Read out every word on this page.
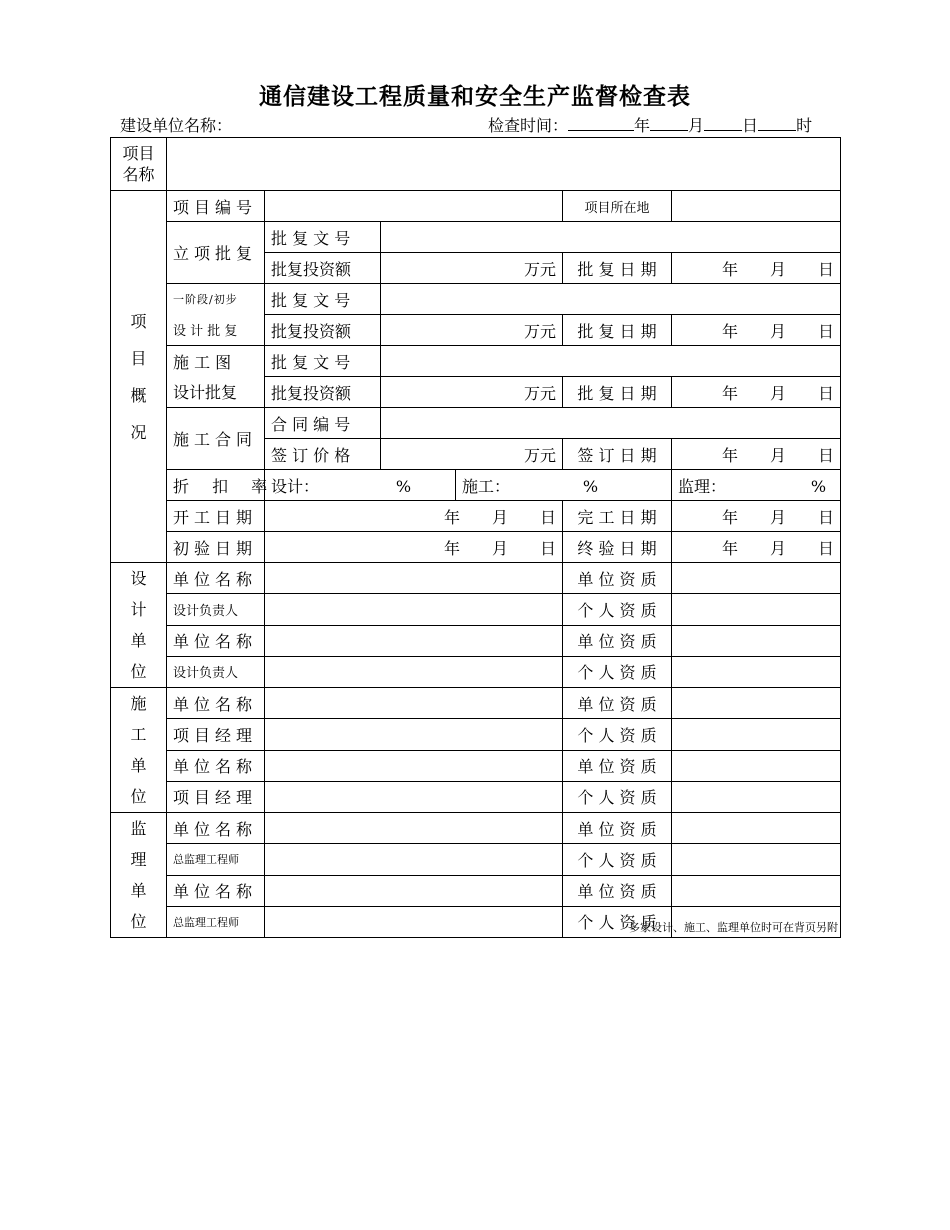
通信建设工程质量和安全生产监督检查表
建设单位名称：	检查时间：	年 月 日 时
项目名称						

项目概况	项目编号				项目所在地	
	立项批复	批 复 文 号				
		批复投资额	万元		批 复 日 期	年 月 日
	一阶段/初步	批 复 文 号				
	设 计 批 复	批复投资额	万元		批 复 日 期	年 月 日
	施 工 图	批 复 文 号				
	设计批复	批复投资额	万元		批 复 日 期	年 月 日
	施工合同	合 同 编 号				
		签 订 价 格	万元		签 订 日 期	年 月 日
	折 扣 率	设计： %		施工： %		监理： %
	开工日期	年 月 日			完 工 日 期	年 月 日
	初验日期	年 月 日			终 验 日 期	年 月 日

设计单位	单位名称				单 位 资 质	
	设计负责人				个 人 资 质	
	单位名称				单 位 资 质	
	设计负责人				个 人 资 质	

施工单位	单位名称				单 位 资 质	
	项目经理				个 人 资 质	
	单位名称				单 位 资 质	
	项目经理				个 人 资 质	

监理单位	单位名称				单 位 资 质	
	总监理工程师				个 人 资 质	
	单位名称				单 位 资 质	
	总监理工程师				个 人 资 质	
多家设计、施工、监理单位时可在背页另附
